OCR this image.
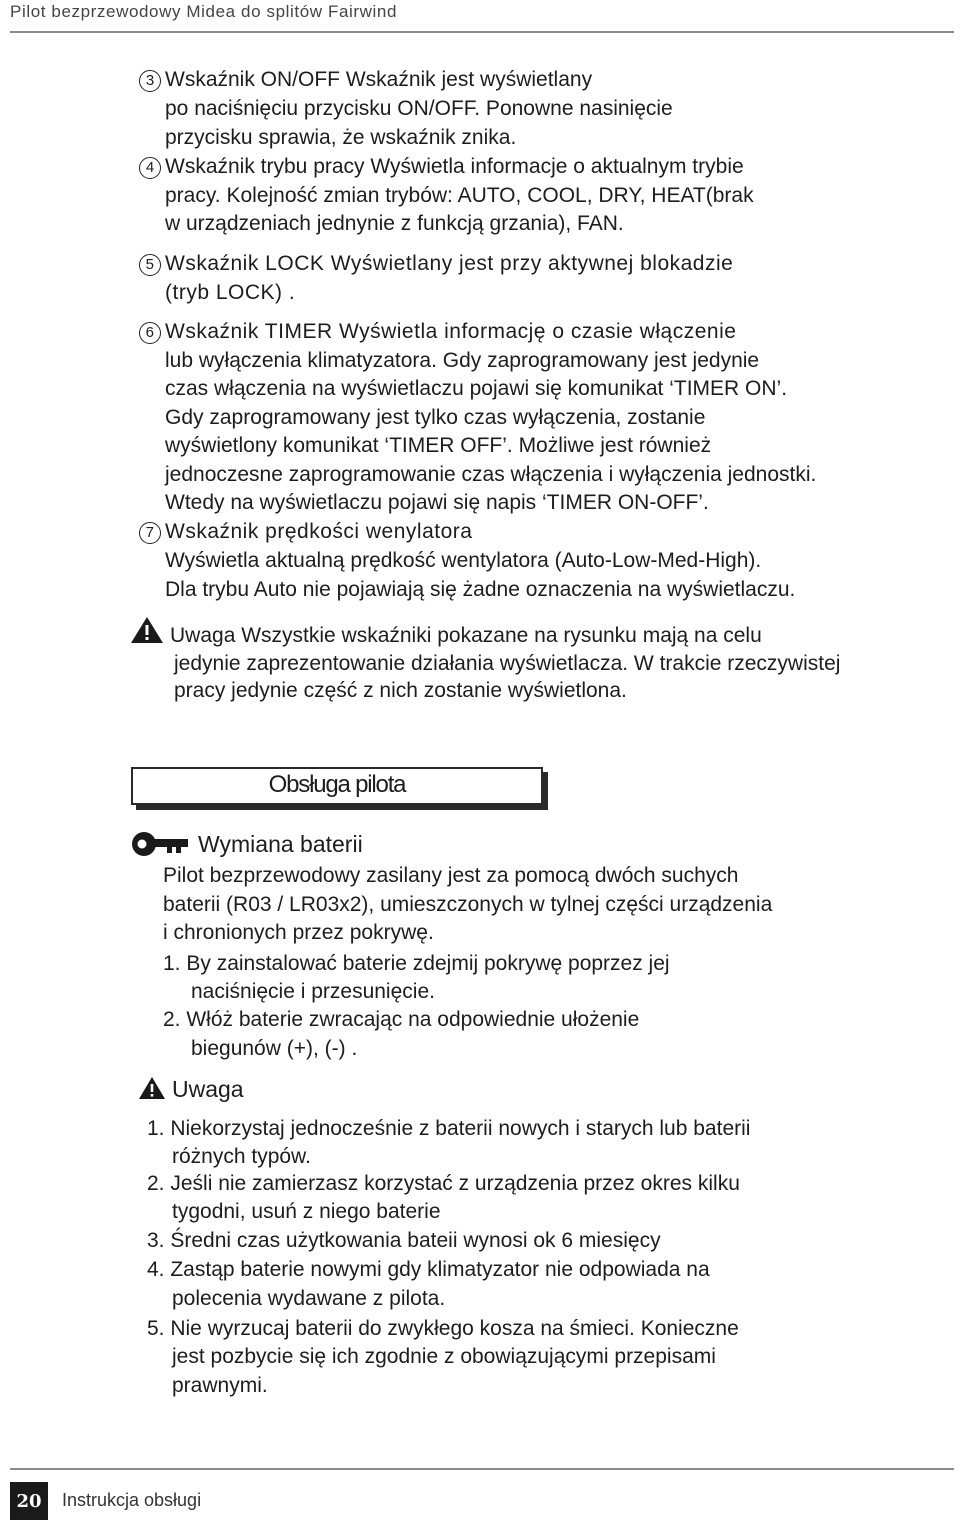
Pilot bezprzewodowy Midea do splitów Fairwind
3 Wskaźnik ON/OFF Wskaźnik jest wyświetlany
po naciśnięciu przycisku ON/OFF. Ponowne nasinięcie
przycisku sprawia, że wskaźnik znika.
4 Wskaźnik trybu pracy Wyświetla informacje o aktualnym trybie
pracy. Kolejność zmian trybów: AUTO, COOL, DRY, HEAT(brak
w urządzeniach jednynie z funkcją grzania), FAN.
5 Wskaźnik LOCK Wyświetlany jest przy aktywnej blokadzie
(tryb LOCK) .
6 Wskaźnik TIMER Wyświetla informację o czasie włączenie
lub wyłączenia klimatyzatora. Gdy zaprogramowany jest jedynie
czas włączenia na wyświetlaczu pojawi się komunikat ‘TIMER ON’.
Gdy zaprogramowany jest tylko czas wyłączenia, zostanie
wyświetlony komunikat ‘TIMER OFF’. Możliwe jest również
jednoczesne zaprogramowanie czas włączenia i wyłączenia jednostki.
Wtedy na wyświetlaczu pojawi się napis ‘TIMER ON-OFF’.
7 Wskaźnik prędkości wenylatora
Wyświetla aktualną prędkość wentylatora (Auto-Low-Med-High).
Dla trybu Auto nie pojawiają się żadne oznaczenia na wyświetlaczu.
Uwaga Wszystkie wskaźniki pokazane na rysunku mają na celu
jedynie zaprezentowanie działania wyświetlacza. W trakcie rzeczywistej
pracy jedynie część z nich zostanie wyświetlona.
Obsługa pilota
Wymiana baterii
Pilot bezprzewodowy zasilany jest za pomocą dwóch suchych
baterii (R03 / LR03x2), umieszczonych w tylnej części urządzenia
i chronionych przez pokrywę.
1. By zainstalować baterie zdejmij pokrywę poprzez jej
naciśnięcie i przesunięcie.
2. Włóż baterie zwracając na odpowiednie ułożenie
biegunów (+), (-) .
Uwaga
1. Niekorzystaj jednocześnie z baterii nowych i starych lub baterii
różnych typów.
2. Jeśli nie zamierzasz korzystać z urządzenia przez okres kilku
tygodni, usuń z niego baterie
3. Średni czas użytkowania bateii wynosi ok 6 miesięcy
4. Zastąp baterie nowymi gdy klimatyzator nie odpowiada na
polecenia wydawane z pilota.
5. Nie wyrzucaj baterii do zwykłego kosza na śmieci. Konieczne
jest pozbycie się ich zgodnie z obowiązującymi przepisami
prawnymi.
20	Instrukcja obsługi
